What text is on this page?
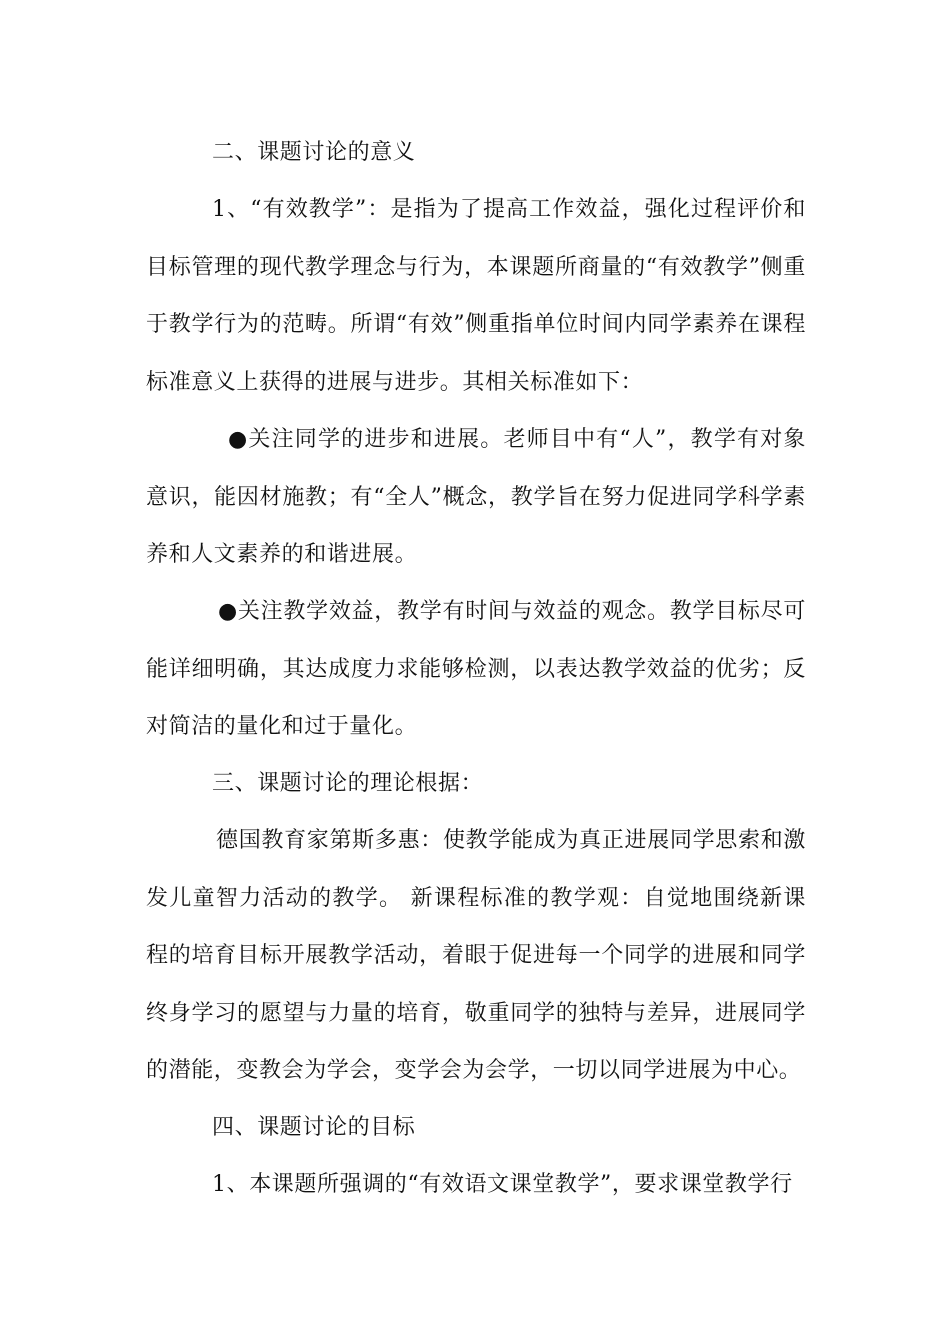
二、课题讨论的意义

1、“有效教学”：是指为了提高工作效益，强化过程评价和目标管理的现代教学理念与行为，本课题所商量的“有效教学”侧重于教学行为的范畴。所谓“有效”侧重指单位时间内同学素养在课程标准意义上获得的进展与进步。其相关标准如下：

●关注同学的进步和进展。老师目中有“人”，教学有对象意识，能因材施教；有“全人”概念，教学旨在努力促进同学科学素养和人文素养的和谐进展。

●关注教学效益，教学有时间与效益的观念。教学目标尽可能详细明确，其达成度力求能够检测，以表达教学效益的优劣；反对简洁的量化和过于量化。

三、课题讨论的理论根据：

德国教育家第斯多惠：使教学能成为真正进展同学思索和激发儿童智力活动的教学。 新课程标准的教学观：自觉地围绕新课程的培育目标开展教学活动，着眼于促进每一个同学的进展和同学终身学习的愿望与力量的培育，敬重同学的独特与差异，进展同学的潜能，变教会为学会，变学会为会学，一切以同学进展为中心。

四、课题讨论的目标

1、本课题所强调的“有效语文课堂教学”，要求课堂教学行
